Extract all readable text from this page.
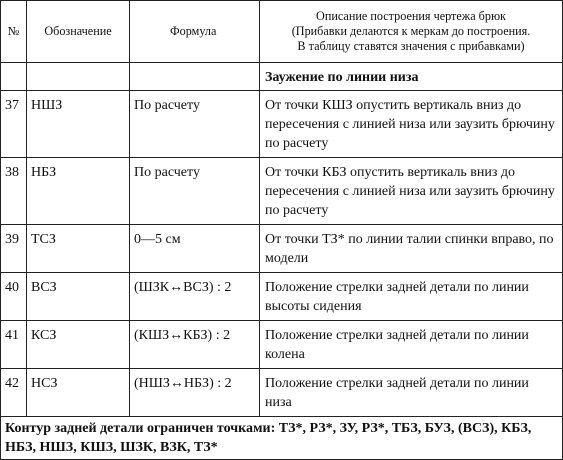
№	Обозначение	Формула	Описание построения чертежа брюк
(Прибавки делаются к меркам до построения.
В таблицу ставятся значения с прибавками)

			Заужение по линии низа
37	НШЗ	По расчету	От точки КШЗ опустить вертикаль вниз до пересечения с линией низа или заузить брючину по расчету
38	НБЗ	По расчету	От точки КБЗ опустить вертикаль вниз до пересечения с линией низа или заузить брючину по расчету
39	ТСЗ	0—5 см	От точки ТЗ* по линии талии спинки вправо, по модели
40	ВСЗ	(ШЗК↔ВСЗ) : 2	Положение стрелки задней детали по линии высоты сидения
41	КСЗ	(КШЗ↔КБЗ) : 2	Положение стрелки задней детали по линии колена
42	НСЗ	(НШЗ↔НБЗ) : 2	Положение стрелки задней детали по линии низа
Контур задней детали ограничен точками: ТЗ*, РЗ*, ЗУ, РЗ*, ТБЗ, БУЗ, (ВСЗ), КБЗ, НБЗ, НШЗ, КШЗ, ШЗК, ВЗК, ТЗ*			
